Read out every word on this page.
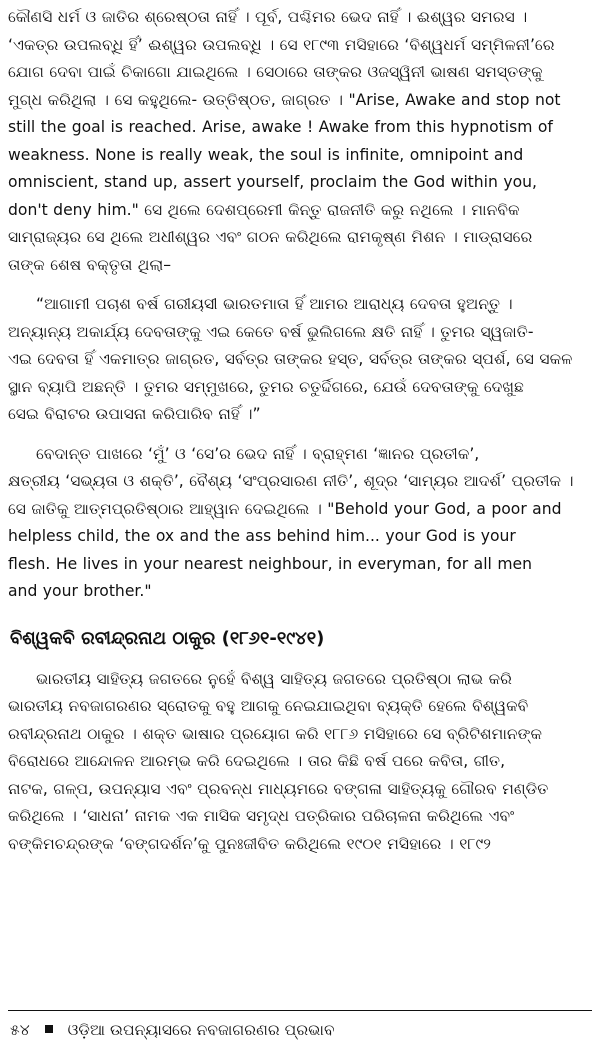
କୌଣସି ଧର୍ମ ଓ ଜାତିର ଶ୍ରେଷ୍ଠତା ନାହିଁ । ପୂର୍ବ, ପଶ୍ଚିମର ଭେଦ ନାହିଁ । ଈଶ୍ୱର ସମରସ ।
‘ଏକତ୍ର ଉପଲବ୍ଧି ହିଁ’ ଈଶ୍ୱର ଉପଲବ୍ଧି । ସେ ୧୮୯୩ ମସିହାରେ ‘ବିଶ୍ୱଧର୍ମ ସମ୍ମିଳନୀ’ରେ
ଯୋଗ ଦେବା ପାଇଁ ଚିକାଗୋ ଯାଇଥିଲେ । ସେଠାରେ ତାଙ୍କର ଓଜସ୍ୱିନୀ ଭାଷଣ ସମସ୍ତଙ୍କୁ
ମୁଗ୍ଧ କରିଥିଲା । ସେ କହୁଥିଲେ- ଉତ୍ତିଷ୍ଠତ, ଜାଗ୍ରତ । "Arise, Awake and stop not
still the goal is reached. Arise, awake ! Awake from this hypnotism of
weakness. None is really weak, the soul is infinite, omnipoint and
omniscient, stand up, assert yourself, proclaim the God within you,
don't deny him." ସେ ଥିଲେ ଦେଶପ୍ରେମୀ କିନ୍ତୁ ରାଜନୀତି କରୁ ନଥିଲେ । ମାନବିକ
ସାମ୍ରାଜ୍ୟର ସେ ଥିଲେ ଅଧୀଶ୍ୱର ଏବଂ ଗଠନ କରିଥିଲେ ରାମକୃଷ୍ଣ ମିଶନ । ମାଡ୍ରାସରେ
ତାଙ୍କ ଶେଷ ବକ୍ତୃତା ଥିଲା–
“ଆଗାମୀ ପଚାଶ ବର୍ଷ ଗରୀୟସୀ ଭାରତମାତା ହିଁ ଆମର ଆରାଧ୍ୟ ଦେବତା ହୁଅନ୍ତୁ ।
ଅନ୍ୟାନ୍ୟ ଅକାର୍ଯ୍ୟ ଦେବତାଙ୍କୁ ଏଇ କେତେ ବର୍ଷ ଭୁଲିଗଲେ କ୍ଷତି ନାହିଁ । ତୁମର ସ୍ୱଜାତି-
ଏଇ ଦେବତା ହିଁ ଏକମାତ୍ର ଜାଗ୍ରତ, ସର୍ବତ୍ର ତାଙ୍କର ହସ୍ତ, ସର୍ବତ୍ର ତାଙ୍କର ସ୍ପର୍ଶ, ସେ ସକଳ
ସ୍ଥାନ ବ୍ୟାପି ଅଛନ୍ତି । ତୁମର ସମ୍ମୁଖରେ, ତୁମର ଚତୁର୍ଦ୍ଦିଗରେ, ଯେଉଁ ଦେବତାଙ୍କୁ ଦେଖୁଛ
ସେଇ ବିରାଟର ଉପାସନା କରିପାରିବ ନାହିଁ ।”
ବେଦାନ୍ତ ପାଖରେ ‘ମୁଁ’ ଓ ‘ସେ’ର ଭେଦ ନାହିଁ । ବ୍ରାହ୍ମଣ ‘ଜ୍ଞାନର ପ୍ରତୀକ’,
କ୍ଷତ୍ରୀୟ ‘ସଭ୍ୟତା ଓ ଶକ୍ତି’, ବୈଶ୍ୟ ‘ସଂପ୍ରସାରଣ ନୀତି’, ଶୂଦ୍ର ‘ସାମ୍ୟର ଆଦର୍ଶ’ ପ୍ରତୀକ ।
ସେ ଜାତିକୁ ଆତ୍ମପ୍ରତିଷ୍ଠାର ଆହ୍ୱାନ ଦେଇଥିଲେ । "Behold your God, a poor and
helpless child, the ox and the ass behind him... your God is your
flesh. He lives in your nearest neighbour, in everyman, for all men
and your brother."
ବିଶ୍ୱକବି ରବୀନ୍ଦ୍ରନାଥ ଠାକୁର (୧୮୬୧-୧୯୪୧)
ଭାରତୀୟ ସାହିତ୍ୟ ଜଗତରେ ନୁହେଁ ବିଶ୍ୱ ସାହିତ୍ୟ ଜଗତରେ ପ୍ରତିଷ୍ଠା ଲାଭ କରି
ଭାରତୀୟ ନବଜାଗରଣର ସ୍ରୋତକୁ ବହୁ ଆଗକୁ ନେଇଯାଇଥିବା ବ୍ୟକ୍ତି ହେଲେ ବିଶ୍ୱକବି
ରବୀନ୍ଦ୍ରନାଥ ଠାକୁର । ଶକ୍ତ ଭାଷାର ପ୍ରୟୋଗ କରି ୧୮୮୬ ମସିହାରେ ସେ ବ୍ରିଟିଶମାନଙ୍କ
ବିରୋଧରେ ଆନ୍ଦୋଳନ ଆରମ୍ଭ କରି ଦେଇଥିଲେ । ତାର କିଛି ବର୍ଷ ପରେ କବିତା, ଗୀତ,
ନାଟକ, ଗଳ୍ପ, ଉପନ୍ୟାସ ଏବଂ ପ୍ରବନ୍ଧ ମାଧ୍ୟମରେ ବଙ୍ଗଳା ସାହିତ୍ୟକୁ ଗୌରବ ମଣ୍ଡିତ
କରିଥିଲେ । ‘ସାଧନା’ ନାମକ ଏକ ମାସିକ ସମୃଦ୍ଧ ପତ୍ରିକାର ପରିଚାଳନା କରିଥିଲେ ଏବଂ
ବଙ୍କିମଚନ୍ଦ୍ରଙ୍କ ‘ବଙ୍ଗଦର୍ଶନ’କୁ ପୁନଃଜୀବିତ କରିଥିଲେ ୧୯୦୧ ମସିହାରେ । ୧୮୯୨
୫୪ ଓଡ଼ିଆ ଉପନ୍ୟାସରେ ନବଜାଗରଣର ପ୍ରଭାବ
